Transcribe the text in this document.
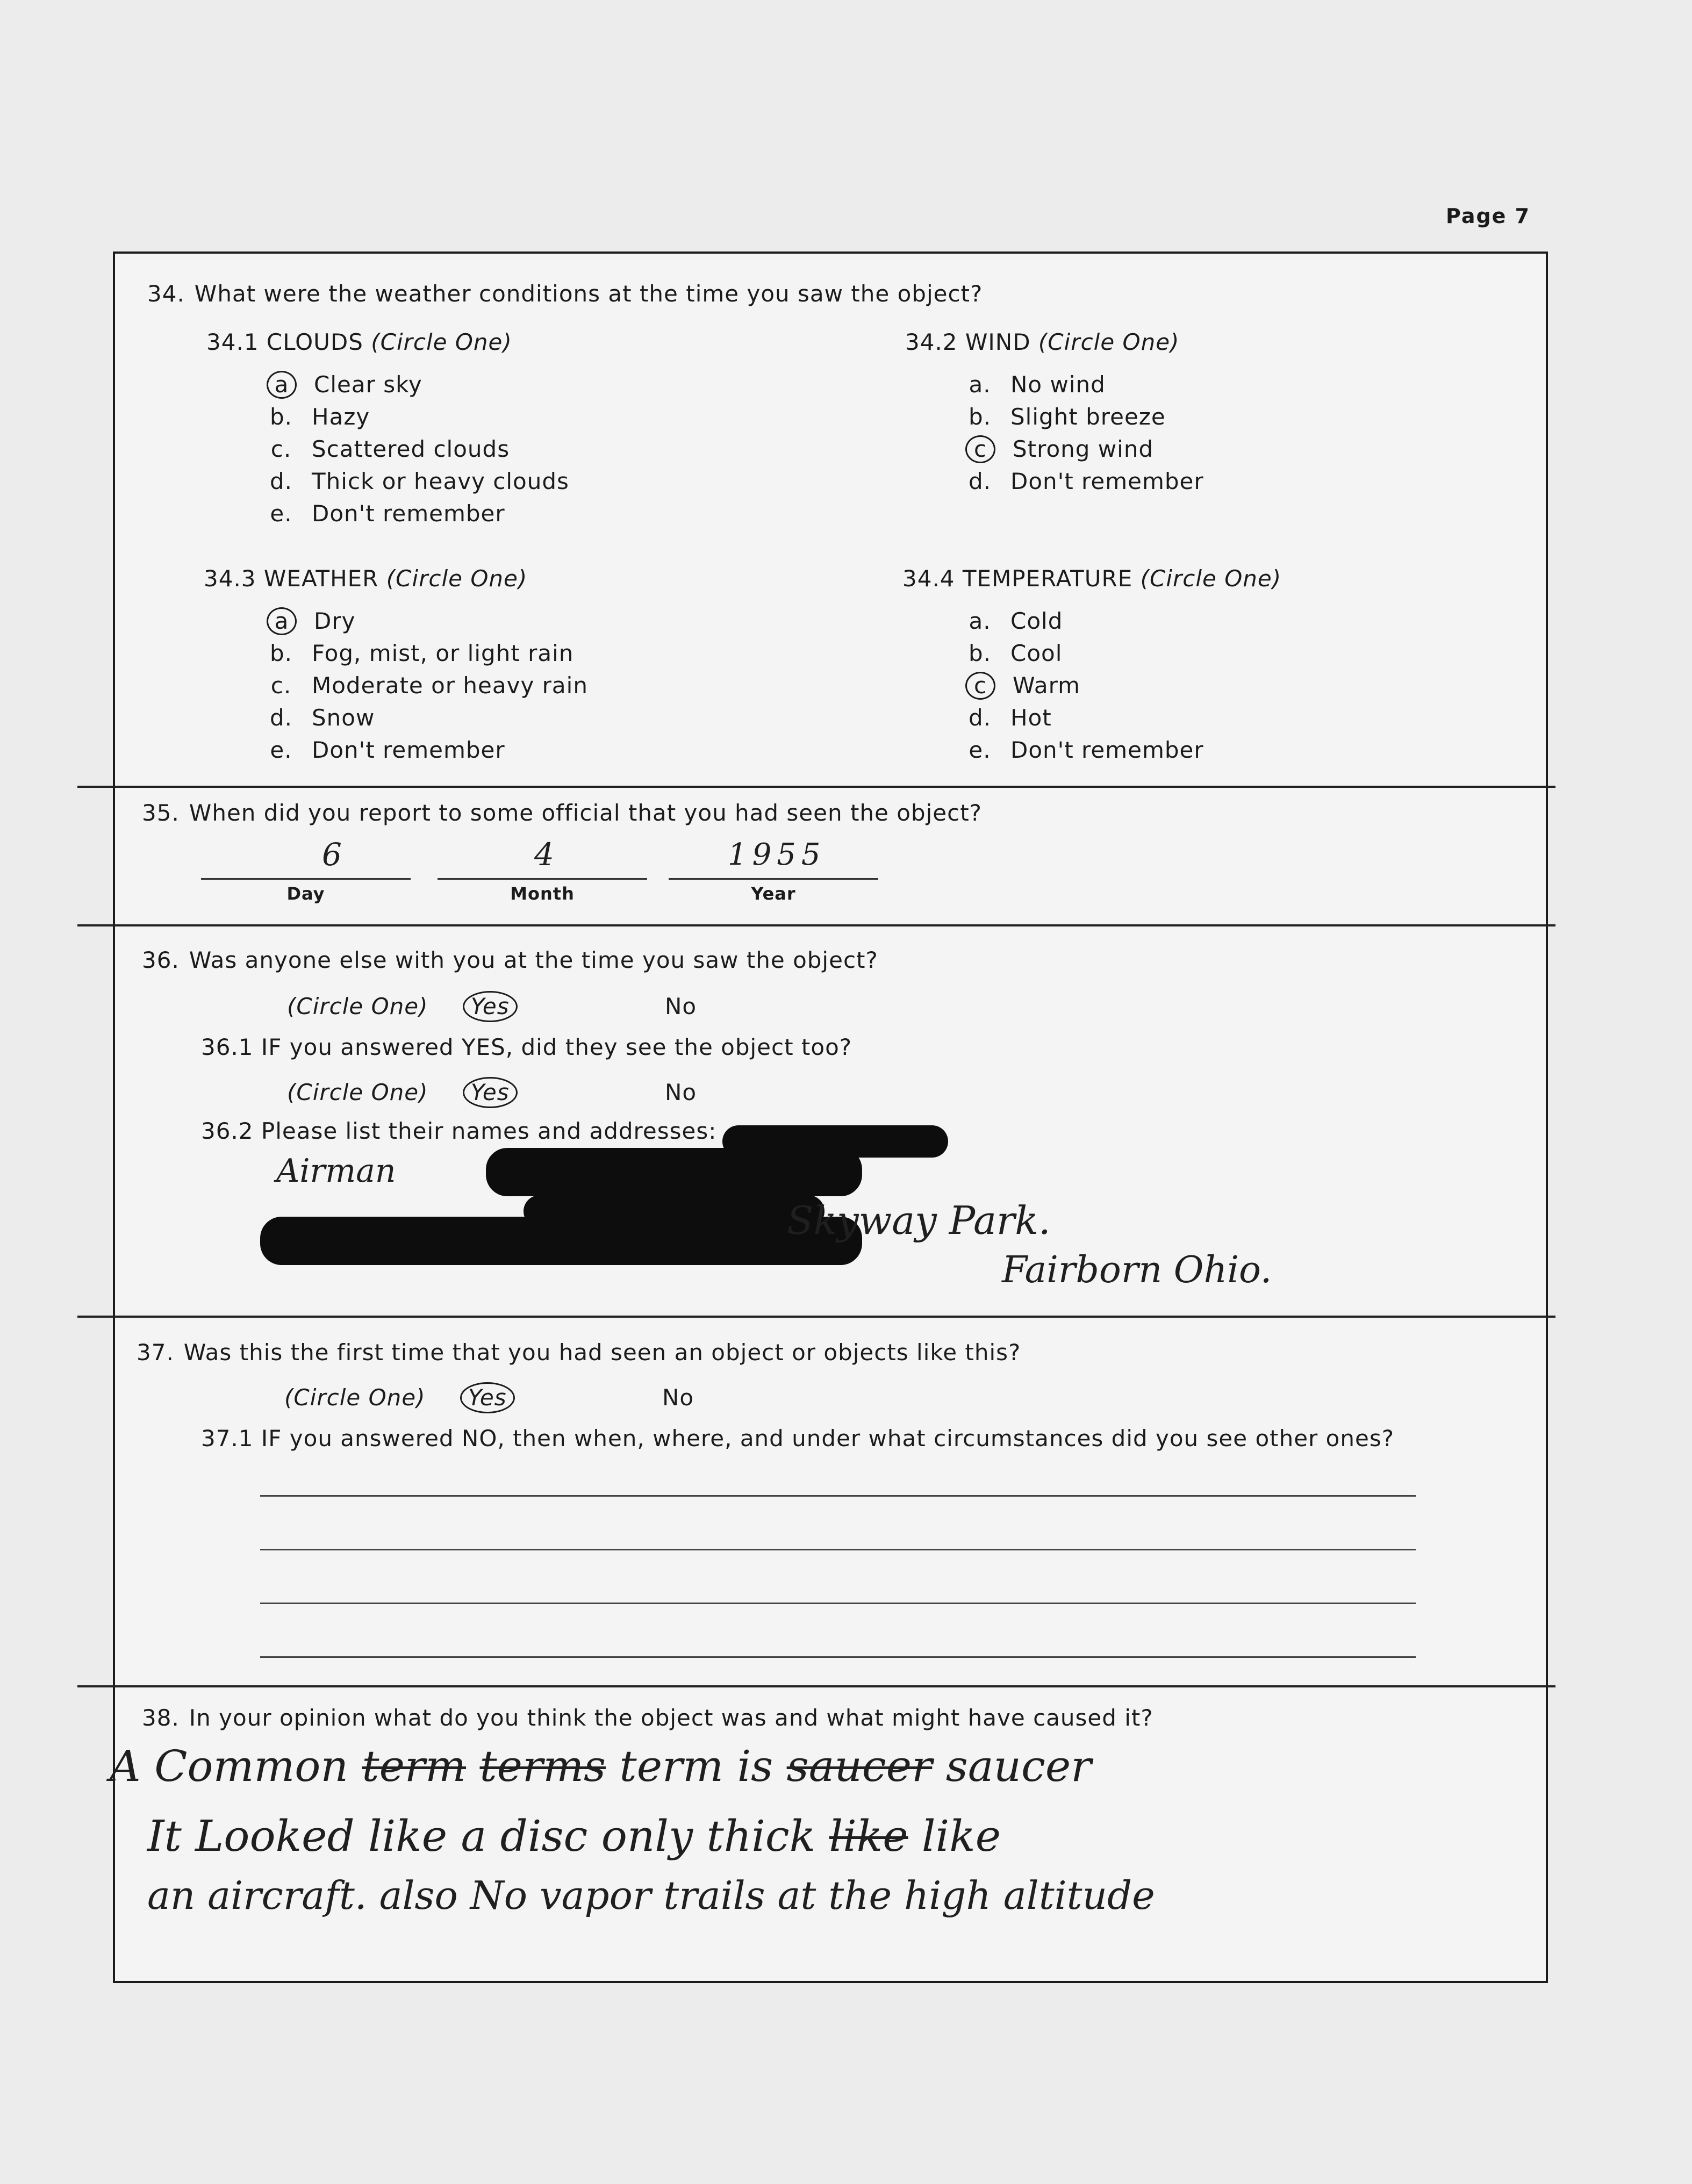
Page 7
34. What were the weather conditions at the time you saw the object?
34.1 CLOUDS (Circle One)
a Clear sky
b. Hazy
c. Scattered clouds
d. Thick or heavy clouds
e. Don't remember
34.2 WIND (Circle One)
a. No wind
b. Slight breeze
c Strong wind
d. Don't remember
34.3 WEATHER (Circle One)
a Dry
b. Fog, mist, or light rain
c. Moderate or heavy rain
d. Snow
e. Don't remember
34.4 TEMPERATURE (Circle One)
a. Cold
b. Cool
c Warm
d. Hot
e. Don't remember
35. When did you report to some official that you had seen the object?
6
Day
4
Month
1955
Year
36. Was anyone else with you at the time you saw the object?
(Circle One) Yes	No
36.1 IF you answered YES, did they see the object too?
(Circle One) Yes	No
36.2 Please list their names and addresses:
Airman
Skyway Park.
Fairborn Ohio.
37. Was this the first time that you had seen an object or objects like this?
(Circle One) Yes	No
37.1 IF you answered NO, then when, where, and under what circumstances did you see other ones?
38. In your opinion what do you think the object was and what might have caused it?
A Common term terms term is saucer saucer
It Looked like a disc only thick like like
an aircraft. also No vapor trails at the high altitude
